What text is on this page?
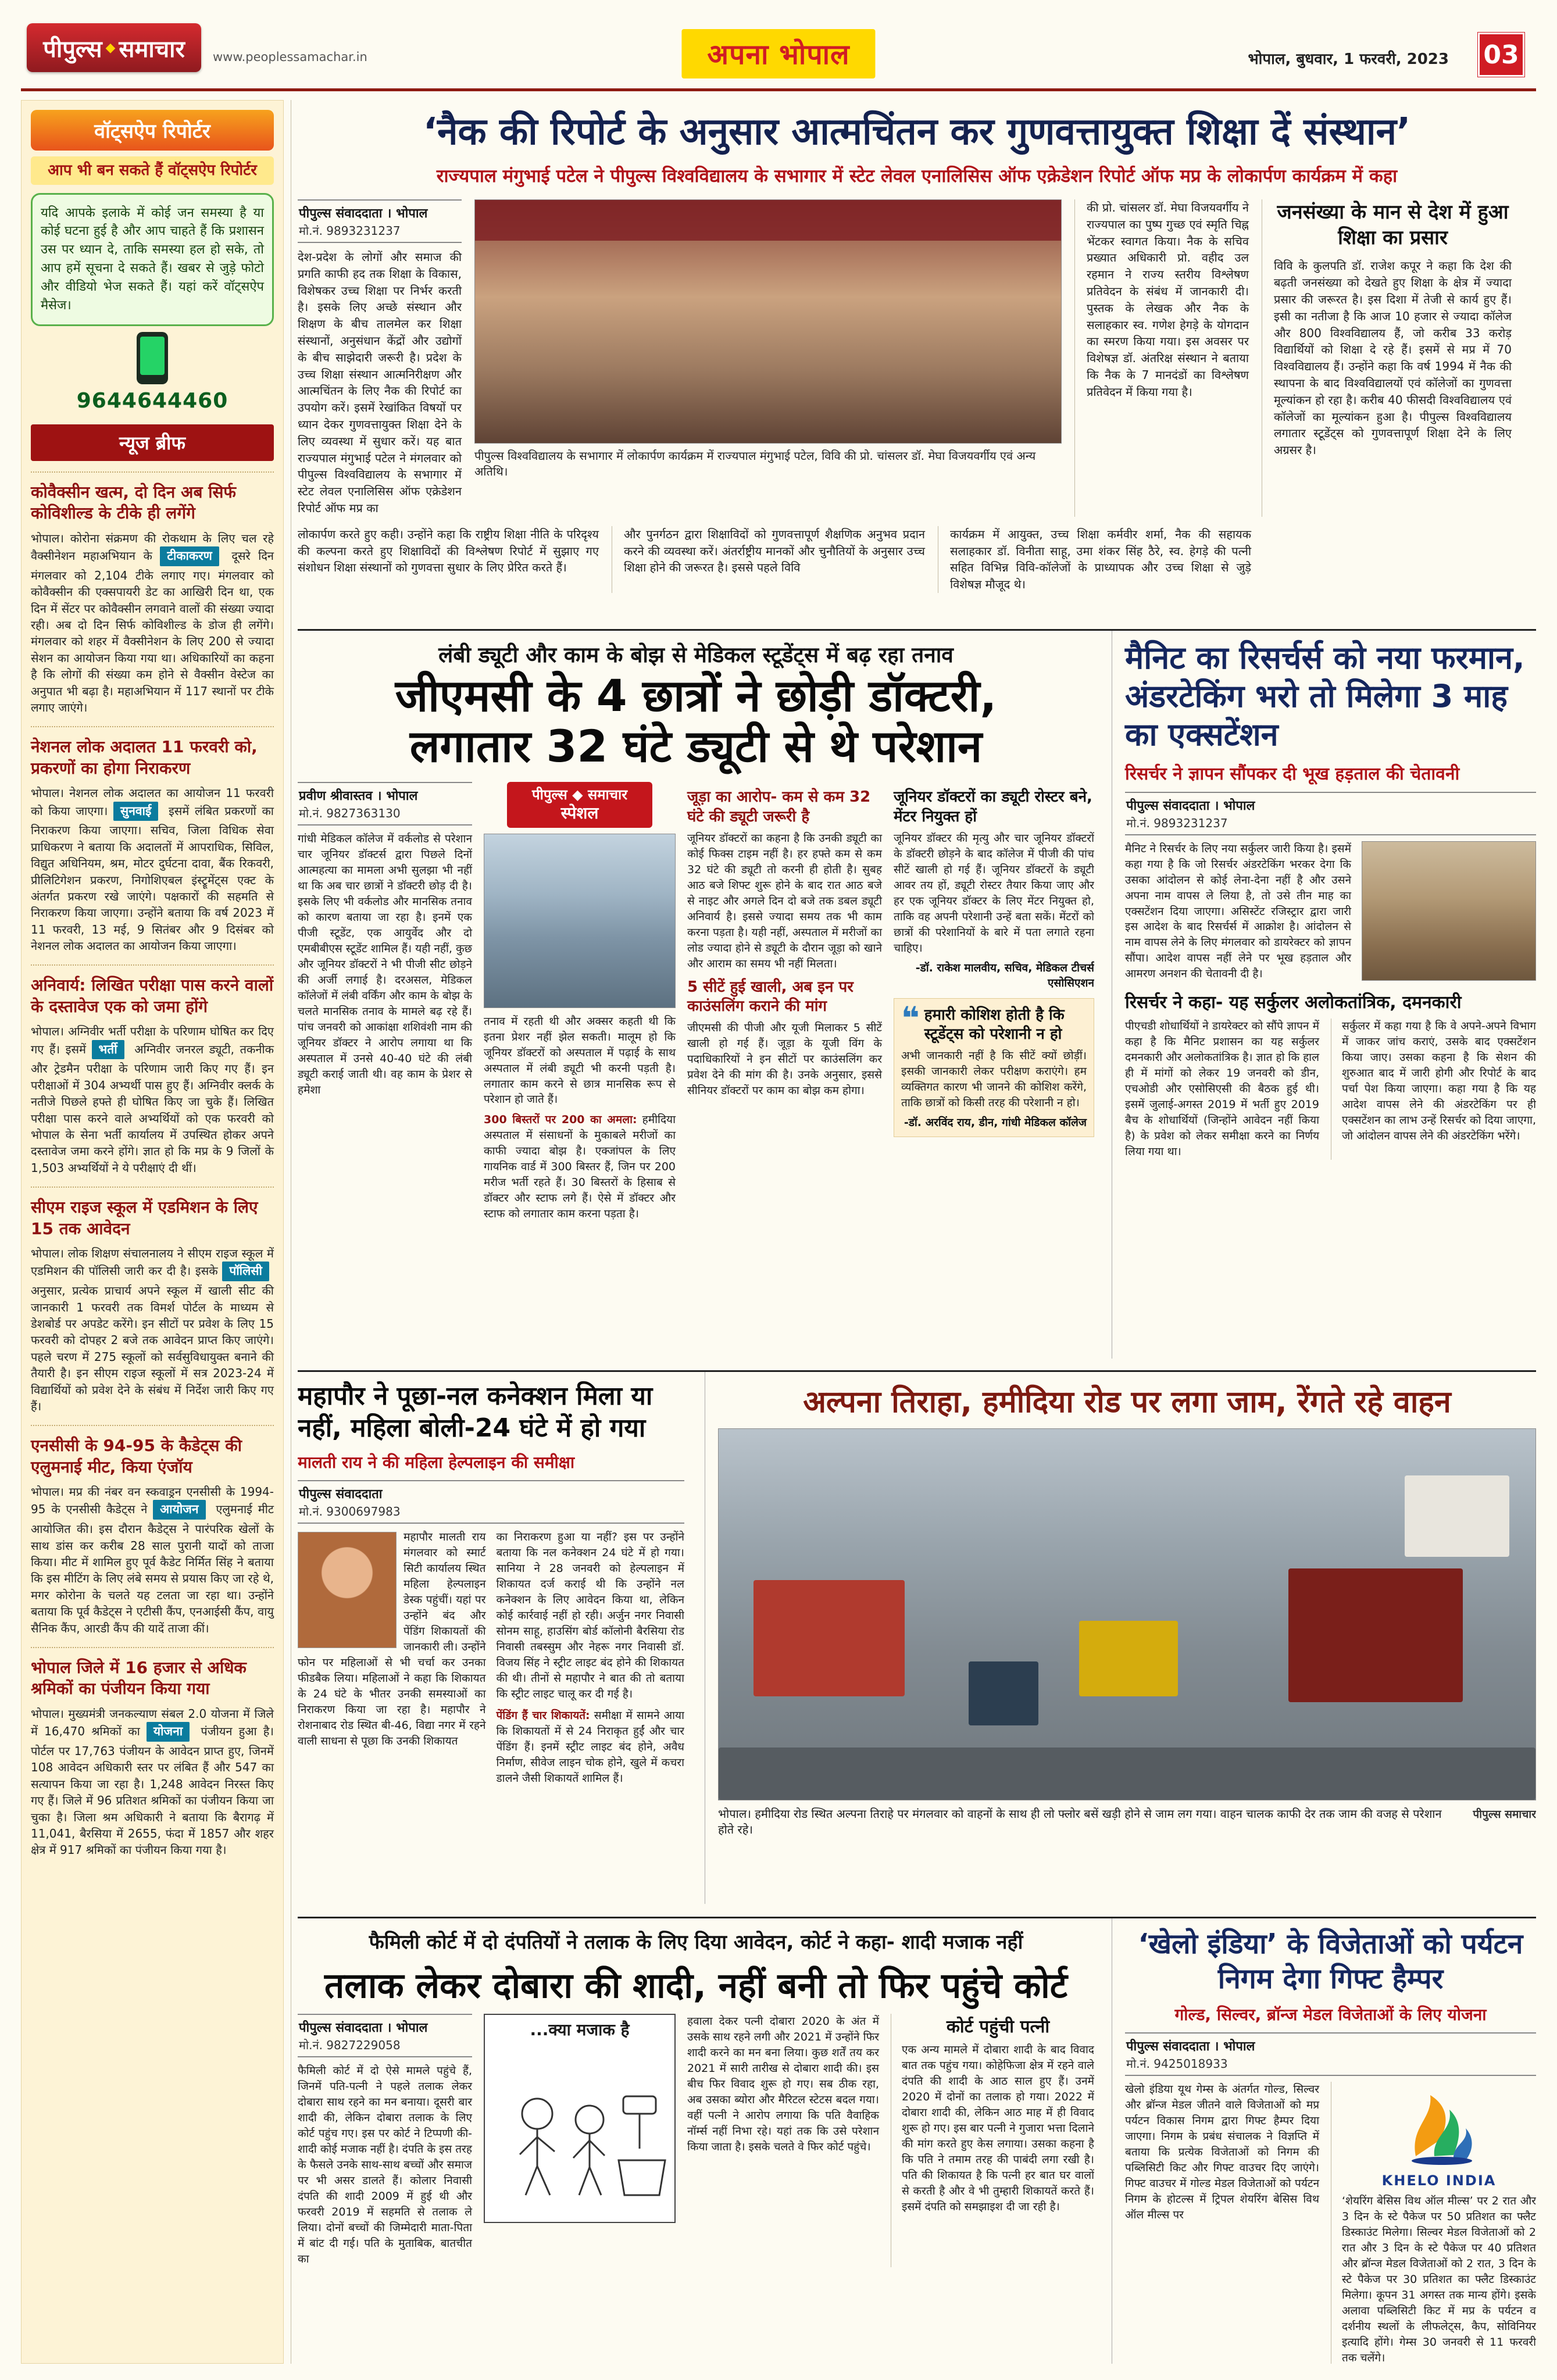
पीपुल्स ◆ समाचार www.peoplessamachar.in	अपना भोपाल	भोपाल, बुधवार, 1 फरवरी, 2023 03
वॉट्सऐप रिपोर्टर
आप भी बन सकते हैं वॉट्सऐप रिपोर्टर
यदि आपके इलाके में कोई जन समस्या है या कोई घटना हुई है और आप चाहते हैं कि प्रशासन उस पर ध्यान दे, ताकि समस्या हल हो सके, तो आप हमें सूचना दे सकते हैं। खबर से जुड़े फोटो और वीडियो भेज सकते हैं। यहां करें वॉट्सऐप मैसेज।
9644644460
न्यूज ब्रीफ
कोवैक्सीन खत्म, दो दिन अब सिर्फ कोविशील्ड के टीके ही लगेंगे

भोपाल। कोरोना संक्रमण की रोकथाम के लिए चल रहे वैक्सीनेशन महाअभियान के टीकाकरण दूसरे दिन मंगलवार को 2,104 टीके लगाए गए। मंगलवार को कोवैक्सीन की एक्सपायरी डेट का आखिरी दिन था, एक दिन में सेंटर पर कोवैक्सीन लगवाने वालों की संख्या ज्यादा रही। अब दो दिन सिर्फ कोविशील्ड के डोज ही लगेंगे। मंगलवार को शहर में वैक्सीनेशन के लिए 200 से ज्यादा सेशन का आयोजन किया गया था। अधिकारियों का कहना है कि लोगों की संख्या कम होने से वैक्सीन वेस्टेज का अनुपात भी बढ़ा है। महाअभियान में 117 स्थानों पर टीके लगाए जाएंगे।

नेशनल लोक अदालत 11 फरवरी को, प्रकरणों का होगा निराकरण

भोपाल। नेशनल लोक अदालत का आयोजन 11 फरवरी को किया जाएगा। सुनवाई इसमें लंबित प्रकरणों का निराकरण किया जाएगा। सचिव, जिला विधिक सेवा प्राधिकरण ने बताया कि अदालतों में आपराधिक, सिविल, विद्युत अधिनियम, श्रम, मोटर दुर्घटना दावा, बैंक रिकवरी, प्रीलिटिगेशन प्रकरण, निगोशिएबल इंस्ट्रूमेंट्स एक्ट के अंतर्गत प्रकरण रखे जाएंगे। पक्षकारों की सहमति से निराकरण किया जाएगा। उन्होंने बताया कि वर्ष 2023 में 11 फरवरी, 13 मई, 9 सितंबर और 9 दिसंबर को नेशनल लोक अदालत का आयोजन किया जाएगा।

अनिवार्य: लिखित परीक्षा पास करने वालों के दस्तावेज एक को जमा होंगे

भोपाल। अग्निवीर भर्ती परीक्षा के परिणाम घोषित कर दिए गए हैं। इसमें भर्ती अग्निवीर जनरल ड्यूटी, तकनीक और ट्रेडमैन परीक्षा के परिणाम जारी किए गए हैं। इन परीक्षाओं में 304 अभ्यर्थी पास हुए हैं। अग्निवीर क्लर्क के नतीजे पिछले हफ्ते ही घोषित किए जा चुके हैं। लिखित परीक्षा पास करने वाले अभ्यर्थियों को एक फरवरी को भोपाल के सेना भर्ती कार्यालय में उपस्थित होकर अपने दस्तावेज जमा करने होंगे। ज्ञात हो कि मप्र के 9 जिलों के 1,503 अभ्यर्थियों ने ये परीक्षाएं दी थीं।

सीएम राइज स्कूल में एडमिशन के लिए 15 तक आवेदन

भोपाल। लोक शिक्षण संचालनालय ने सीएम राइज स्कूल में एडमिशन की पॉलिसी जारी कर दी है। इसके पॉलिसी अनुसार, प्रत्येक प्राचार्य अपने स्कूल में खाली सीट की जानकारी 1 फरवरी तक विमर्श पोर्टल के माध्यम से डेशबोर्ड पर अपडेट करेंगे। इन सीटों पर प्रवेश के लिए 15 फरवरी को दोपहर 2 बजे तक आवेदन प्राप्त किए जाएंगे। पहले चरण में 275 स्कूलों को सर्वसुविधायुक्त बनाने की तैयारी है। इन सीएम राइज स्कूलों में सत्र 2023-24 में विद्यार्थियों को प्रवेश देने के संबंध में निर्देश जारी किए गए हैं।

एनसीसी के 94-95 के कैडेट्स की एलुमनाई मीट, किया एंजॉय

भोपाल। मप्र की नंबर वन स्कवाड्रन एनसीसी के 1994-95 के एनसीसी कैडेट्स ने आयोजन एलुमनाई मीट आयोजित की। इस दौरान कैडेट्स ने पारंपरिक खेलों के साथ डांस कर करीब 28 साल पुरानी यादों को ताजा किया। मीट में शामिल हुए पूर्व कैडेट निर्मित सिंह ने बताया कि इस मीटिंग के लिए लंबे समय से प्रयास किए जा रहे थे, मगर कोरोना के चलते यह टलता जा रहा था। उन्होंने बताया कि पूर्व कैडेट्स ने एटीसी कैंप, एनआईसी कैंप, वायु सैनिक कैंप, आरडी कैंप की यादें ताजा कीं।

भोपाल जिले में 16 हजार से अधिक श्रमिकों का पंजीयन किया गया

भोपाल। मुख्यमंत्री जनकल्याण संबल 2.0 योजना में जिले में 16,470 श्रमिकों का योजना पंजीयन हुआ है। पोर्टल पर 17,763 पंजीयन के आवेदन प्राप्त हुए, जिनमें 108 आवेदन अधिकारी स्तर पर लंबित हैं और 547 का सत्यापन किया जा रहा है। 1,248 आवेदन निरस्त किए गए हैं। जिले में 96 प्रतिशत श्रमिकों का पंजीयन किया जा चुका है। जिला श्रम अधिकारी ने बताया कि बैरागढ़ में 11,041, बैरसिया में 2655, फंदा में 1857 और शहर क्षेत्र में 917 श्रमिकों का पंजीयन किया गया है।

‘नैक की रिपोर्ट के अनुसार आत्मचिंतन कर गुणवत्तायुक्त शिक्षा दें संस्थान’
राज्यपाल मंगुभाई पटेल ने पीपुल्स विश्वविद्यालय के सभागार में स्टेट लेवल एनालिसिस ऑफ एक्रेडेशन रिपोर्ट ऑफ मप्र के लोकार्पण कार्यक्रम में कहा
पीपुल्स संवाददाता । भोपाल
मो.नं. 9893231237

देश-प्रदेश के लोगों और समाज की प्रगति काफी हद तक शिक्षा के विकास, विशेषकर उच्च शिक्षा पर निर्भर करती है। इसके लिए अच्छे संस्थान और शिक्षण के बीच तालमेल कर शिक्षा संस्थानों, अनुसंधान केंद्रों और उद्योगों के बीच साझेदारी जरूरी है। प्रदेश के उच्च शिक्षा संस्थान आत्मनिरीक्षण और आत्मचिंतन के लिए नैक की रिपोर्ट का उपयोग करें। इसमें रेखांकित विषयों पर ध्यान देकर गुणवत्तायुक्त शिक्षा देने के लिए व्यवस्था में सुधार करें। यह बात राज्यपाल मंगुभाई पटेल ने मंगलवार को पीपुल्स विश्वविद्यालय के सभागार में स्टेट लेवल एनालिसिस ऑफ एक्रेडेशन रिपोर्ट ऑफ मप्र का

पीपुल्स विश्वविद्यालय के सभागार में लोकार्पण कार्यक्रम में राज्यपाल मंगुभाई पटेल, विवि की प्रो. चांसलर डॉ. मेघा विजयवर्गीय एवं अन्य अतिथि।

की प्रो. चांसलर डॉ. मेघा विजयवर्गीय ने राज्यपाल का पुष्प गुच्छ एवं स्मृति चिह्न भेंटकर स्वागत किया। नैक के सचिव प्रख्यात अधिकारी प्रो. वहीद उल रहमान ने राज्य स्तरीय विश्लेषण प्रतिवेदन के संबंध में जानकारी दी। पुस्तक के लेखक और नैक के सलाहकार स्व. गणेश हेगड़े के योगदान का स्मरण किया गया। इस अवसर पर विशेषज्ञ डॉ. अंतरिक्ष संस्थान ने बताया कि नैक के 7 मानदंडों का विश्लेषण प्रतिवेदन में किया गया है।

जनसंख्या के मान से देश में हुआ शिक्षा का प्रसार

विवि के कुलपति डॉ. राजेश कपूर ने कहा कि देश की बढ़ती जनसंख्या को देखते हुए शिक्षा के क्षेत्र में ज्यादा प्रसार की जरूरत है। इस दिशा में तेजी से कार्य हुए हैं। इसी का नतीजा है कि आज 10 हजार से ज्यादा कॉलेज और 800 विश्वविद्यालय हैं, जो करीब 33 करोड़ विद्यार्थियों को शिक्षा दे रहे हैं। इसमें से मप्र में 70 विश्वविद्यालय हैं। उन्होंने कहा कि वर्ष 1994 में नैक की स्थापना के बाद विश्वविद्यालयों एवं कॉलेजों का गुणवत्ता मूल्यांकन हो रहा है। करीब 40 फीसदी विश्वविद्यालय एवं कॉलेजों का मूल्यांकन हुआ है। पीपुल्स विश्वविद्यालय लगातार स्टूडेंट्स को गुणवत्तापूर्ण शिक्षा देने के लिए अग्रसर है।

लोकार्पण करते हुए कही। उन्होंने कहा कि राष्ट्रीय शिक्षा नीति के परिदृश्य की कल्पना करते हुए शिक्षाविदों की विश्लेषण रिपोर्ट में सुझाए गए संशोधन शिक्षा संस्थानों को गुणवत्ता सुधार के लिए प्रेरित करते हैं।

और पुनर्गठन द्वारा शिक्षाविदों को गुणवत्तापूर्ण शैक्षणिक अनुभव प्रदान करने की व्यवस्था करें। अंतर्राष्ट्रीय मानकों और चुनौतियों के अनुसार उच्च शिक्षा होने की जरूरत है। इससे पहले विवि

कार्यक्रम में आयुक्त, उच्च शिक्षा कर्मवीर शर्मा, नैक की सहायक सलाहकार डॉ. विनीता साहू, उमा शंकर सिंह ठैरे, स्व. हेगड़े की पत्नी सहित विभिन्न विवि-कॉलेजों के प्राध्यापक और उच्च शिक्षा से जुड़े विशेषज्ञ मौजूद थे।

लंबी ड्यूटी और काम के बोझ से मेडिकल स्टूडेंट्स में बढ़ रहा तनाव
जीएमसी के 4 छात्रों ने छोड़ी डॉक्टरी,
लगातार 32 घंटे ड्यूटी से थे परेशान
प्रवीण श्रीवास्तव । भोपाल
मो.नं. 9827363130

गांधी मेडिकल कॉलेज में वर्कलोड से परेशान चार जूनियर डॉक्टर्स द्वारा पिछले दिनों आत्महत्या का मामला अभी सुलझा भी नहीं था कि अब चार छात्रों ने डॉक्टरी छोड़ दी है। इसके लिए भी वर्कलोड और मानसिक तनाव को कारण बताया जा रहा है। इनमें एक पीजी स्टूडेंट, एक आयुर्वेद और दो एमबीबीएस स्टूडेंट शामिल हैं। यही नहीं, कुछ और जूनियर डॉक्टरों ने भी पीजी सीट छोड़ने की अर्जी लगाई है। दरअसल, मेडिकल कॉलेजों में लंबी वर्किंग और काम के बोझ के चलते मानसिक तनाव के मामले बढ़ रहे हैं। पांच जनवरी को आकांक्षा शशिवंशी नाम की जूनियर डॉक्टर ने आरोप लगाया था कि अस्पताल में उनसे 40-40 घंटे की लंबी ड्यूटी कराई जाती थी। वह काम के प्रेशर से हमेशा

पीपुल्स ◆ समाचार
स्पेशल

तनाव में रहती थी और अक्सर कहती थी कि इतना प्रेशर नहीं झेल सकती। मालूम हो कि जूनियर डॉक्टरों को अस्पताल में पढ़ाई के साथ अस्पताल में लंबी ड्यूटी भी करनी पड़ती है। लगातार काम करने से छात्र मानसिक रूप से परेशान हो जाते हैं।

300 बिस्तरों पर 200 का अमला: हमीदिया अस्पताल में संसाधनों के मुकाबले मरीजों का काफी ज्यादा बोझ है। एक्जांपल के लिए गायनिक वार्ड में 300 बिस्तर हैं, जिन पर 200 मरीज भर्ती रहते हैं। 30 बिस्तरों के हिसाब से डॉक्टर और स्टाफ लगे हैं। ऐसे में डॉक्टर और स्टाफ को लगातार काम करना पड़ता है।

जूड़ा का आरोप- कम से कम 32 घंटे की ड्यूटी जरूरी है

जूनियर डॉक्टरों का कहना है कि उनकी ड्यूटी का कोई फिक्स टाइम नहीं है। हर हफ्ते कम से कम 32 घंटे की ड्यूटी तो करनी ही होती है। सुबह आठ बजे शिफ्ट शुरू होने के बाद रात आठ बजे से नाइट और अगले दिन दो बजे तक डबल ड्यूटी अनिवार्य है। इससे ज्यादा समय तक भी काम करना पड़ता है। यही नहीं, अस्पताल में मरीजों का लोड ज्यादा होने से ड्यूटी के दौरान जूड़ा को खाने और आराम का समय भी नहीं मिलता।

5 सीटें हुई खाली, अब इन पर काउंसलिंग कराने की मांग

जीएमसी की पीजी और यूजी मिलाकर 5 सीटें खाली हो गई हैं। जूड़ा के यूजी विंग के पदाधिकारियों ने इन सीटों पर काउंसलिंग कर प्रवेश देने की मांग की है। उनके अनुसार, इससे सीनियर डॉक्टरों पर काम का बोझ कम होगा।

जूनियर डॉक्टरों का ड्यूटी रोस्टर बने, मेंटर नियुक्त हों

जूनियर डॉक्टर की मृत्यु और चार जूनियर डॉक्टरों के डॉक्टरी छोड़ने के बाद कॉलेज में पीजी की पांच सीटें खाली हो गई हैं। जूनियर डॉक्टरों के ड्यूटी आवर तय हों, ड्यूटी रोस्टर तैयार किया जाए और हर एक जूनियर डॉक्टर के लिए मेंटर नियुक्त हो, ताकि वह अपनी परेशानी उन्हें बता सकें। मेंटरों को छात्रों की परेशानियों के बारे में पता लगाते रहना चाहिए।

-डॉ. राकेश मालवीय, सचिव, मेडिकल टीचर्स एसोसिएशन
❝ हमारी कोशिश होती है कि स्टूडेंट्स को परेशानी न हो

अभी जानकारी नहीं है कि सीटें क्यों छोड़ीं। इसकी जानकारी लेकर परीक्षण कराएंगे। हम व्यक्तिगत कारण भी जानने की कोशिश करेंगे, ताकि छात्रों को किसी तरह की परेशानी न हो।

-डॉ. अरविंद राय, डीन, गांधी मेडिकल कॉलेज
मैनिट का रिसर्चर्स को नया फरमान, अंडरटेकिंग भरो तो मिलेगा 3 माह का एक्सटेंशन
रिसर्चर ने ज्ञापन सौंपकर दी भूख हड़ताल की चेतावनी
पीपुल्स संवाददाता । भोपाल
मो.नं. 9893231237

मैनिट ने रिसर्चर के लिए नया सर्कुलर जारी किया है। इसमें कहा गया है कि जो रिसर्चर अंडरटेकिंग भरकर देगा कि उसका आंदोलन से कोई लेना-देना नहीं है और उसने अपना नाम वापस ले लिया है, तो उसे तीन माह का एक्सटेंशन दिया जाएगा। असिस्टेंट रजिस्ट्रार द्वारा जारी इस आदेश के बाद रिसर्चर्स में आक्रोश है। आंदोलन से नाम वापस लेने के लिए मंगलवार को डायरेक्टर को ज्ञापन सौंपा। आदेश वापस नहीं लेने पर भूख हड़ताल और आमरण अनशन की चेतावनी दी है।

रिसर्चर ने कहा- यह सर्कुलर अलोकतांत्रिक, दमनकारी

पीएचडी शोधार्थियों ने डायरेक्टर को सौंपे ज्ञापन में कहा है कि मैनिट प्रशासन का यह सर्कुलर दमनकारी और अलोकतांत्रिक है। ज्ञात हो कि हाल ही में मांगों को लेकर 19 जनवरी को डीन, एचओडी और एसोसिएसी की बैठक हुई थी। इसमें जुलाई-अगस्त 2019 में भर्ती हुए 2019 बैच के शोधार्थियों (जिन्होंने आवेदन नहीं किया है) के प्रवेश को लेकर समीक्षा करने का निर्णय लिया गया था।

सर्कुलर में कहा गया है कि वे अपने-अपने विभाग में जाकर जांच कराएं, उसके बाद एक्सटेंशन किया जाए। उसका कहना है कि सेशन की शुरुआत बाद में जारी होगी और रिपोर्ट के बाद पर्चा पेश किया जाएगा। कहा गया है कि यह आदेश वापस लेने की अंडरटेकिंग पर ही एक्सटेंशन का लाभ उन्हें रिसर्चर को दिया जाएगा, जो आंदोलन वापस लेने की अंडरटेकिंग भरेंगे।

महापौर ने पूछा-नल कनेक्शन मिला या नहीं, महिला बोली-24 घंटे में हो गया
मालती राय ने की महिला हेल्पलाइन की समीक्षा
पीपुल्स संवाददाता
मो.नं. 9300697983

महापौर मालती राय मंगलवार को स्मार्ट सिटी कार्यालय स्थित महिला हेल्पलाइन डेस्क पहुंचीं। यहां पर उन्होंने बंद और पेंडिंग शिकायतों की जानकारी ली। उन्होंने फोन पर महिलाओं से भी चर्चा कर उनका फीडबैक लिया। महिलाओं ने कहा कि शिकायत के 24 घंटे के भीतर उनकी समस्याओं का निराकरण किया जा रहा है। महापौर ने रोशनाबाद रोड स्थित बी-46, विद्या नगर में रहने वाली साधना से पूछा कि उनकी शिकायत

का निराकरण हुआ या नहीं? इस पर उन्होंने बताया कि नल कनेक्शन 24 घंटे में हो गया। सानिया ने 28 जनवरी को हेल्पलाइन में शिकायत दर्ज कराई थी कि उन्होंने नल कनेक्शन के लिए आवेदन किया था, लेकिन कोई कार्रवाई नहीं हो रही। अर्जुन नगर निवासी सोनम साहू, हाउसिंग बोर्ड कॉलोनी बैरसिया रोड निवासी तबस्सुम और नेहरू नगर निवासी डॉ. विजय सिंह ने स्ट्रीट लाइट बंद होने की शिकायत की थी। तीनों से महापौर ने बात की तो बताया कि स्ट्रीट लाइट चालू कर दी गई है।

पेंडिंग हैं चार शिकायतें: समीक्षा में सामने आया कि शिकायतों में से 24 निराकृत हुईं और चार पेंडिंग हैं। इनमें स्ट्रीट लाइट बंद होने, अवैध निर्माण, सीवेज लाइन चोक होने, खुले में कचरा डालने जैसी शिकायतें शामिल हैं।

अल्पना तिराहा, हमीदिया रोड पर लगा जाम, रेंगते रहे वाहन
भोपाल। हमीदिया रोड स्थित अल्पना तिराहे पर मंगलवार को वाहनों के साथ ही लो फ्लोर बसें खड़ी होने से जाम लग गया। वाहन चालक काफी देर तक जाम की वजह से परेशान होते रहे।
पीपुल्स समाचार
फैमिली कोर्ट में दो दंपतियों ने तलाक के लिए दिया आवेदन, कोर्ट ने कहा- शादी मजाक नहीं
तलाक लेकर दोबारा की शादी, नहीं बनी तो फिर पहुंचे कोर्ट
पीपुल्स संवाददाता । भोपाल
मो.नं. 9827229058

फैमिली कोर्ट में दो ऐसे मामले पहुंचे हैं, जिनमें पति-पत्नी ने पहले तलाक लेकर दोबारा साथ रहने का मन बनाया। दूसरी बार शादी की, लेकिन दोबारा तलाक के लिए कोर्ट पहुंच गए। इस पर कोर्ट ने टिप्पणी की- शादी कोई मजाक नहीं है। दंपति के इस तरह के फैसले उनके साथ-साथ बच्चों और समाज पर भी असर डालते हैं। कोलार निवासी दंपति की शादी 2009 में हुई थी और फरवरी 2019 में सहमति से तलाक ले लिया। दोनों बच्चों की जिम्मेदारी माता-पिता में बांट दी गई। पति के मुताबिक, बातचीत का

...क्या मजाक है	हवाला देकर पत्नी दोबारा 2020 के अंत में उसके साथ रहने लगी और 2021 में उन्होंने फिर शादी करने का मन बना लिया। कुछ शर्तें तय कर 2021 में सारी तारीख से दोबारा शादी की। इस बीच फिर विवाद शुरू हो गए। सब ठीक रहा, अब उसका ब्योरा और मैरिटल स्टेटस बदल गया। वहीं पत्नी ने आरोप लगाया कि पति वैवाहिक नॉर्म्स नहीं निभा रहे। यहां तक कि उसे परेशान किया जाता है। इसके चलते वे फिर कोर्ट पहुंचे।

कोर्ट पहुंची पत्नी

एक अन्य मामले में दोबारा शादी के बाद विवाद बात तक पहुंच गया। कोहेफिजा क्षेत्र में रहने वाले दंपति की शादी के आठ साल हुए हैं। उनमें 2020 में दोनों का तलाक हो गया। 2022 में दोबारा शादी की, लेकिन आठ माह में ही विवाद शुरू हो गए। इस बार पत्नी ने गुजारा भत्ता दिलाने की मांग करते हुए केस लगाया। उसका कहना है कि पति ने तमाम तरह की पाबंदी लगा रखी है। पति की शिकायत है कि पत्नी हर बात घर वालों से करती है और वे भी तुम्हारी शिकायतें करते हैं। इसमें दंपति को समझाइश दी जा रही है।

‘खेलो इंडिया’ के विजेताओं को पर्यटन निगम देगा गिफ्ट हैम्पर
गोल्ड, सिल्वर, ब्रॉन्ज मेडल विजेताओं के लिए योजना
पीपुल्स संवाददाता । भोपाल
मो.नं. 9425018933

खेलो इंडिया यूथ गेम्स के अंतर्गत गोल्ड, सिल्वर और ब्रॉन्ज मेडल जीतने वाले विजेताओं को मप्र पर्यटन विकास निगम द्वारा गिफ्ट हैम्पर दिया जाएगा। निगम के प्रबंध संचालक ने विज्ञप्ति में बताया कि प्रत्येक विजेताओं को निगम की पब्लिसिटी किट और गिफ्ट वाउचर दिए जाएंगे। गिफ्ट वाउचर में गोल्ड मेडल विजेताओं को पर्यटन निगम के होटल्स में ट्रिपल शेयरिंग बेसिस विथ ऑल मील्स पर

KHELO INDIA

‘शेयरिंग बेसिस विथ ऑल मील्स’ पर 2 रात और 3 दिन के स्टे पैकेज पर 50 प्रतिशत का फ्लैट डिस्काउंट मिलेगा। सिल्वर मेडल विजेताओं को 2 रात और 3 दिन के स्टे पैकेज पर 40 प्रतिशत और ब्रॉन्ज मेडल विजेताओं को 2 रात, 3 दिन के स्टे पैकेज पर 30 प्रतिशत का फ्लैट डिस्काउंट मिलेगा। कूपन 31 अगस्त तक मान्य होंगे। इसके अलावा पब्लिसिटी किट में मप्र के पर्यटन व दर्शनीय स्थलों के लीफलेट्स, कैप, सोविनियर इत्यादि होंगे। गेम्स 30 जनवरी से 11 फरवरी तक चलेंगे।
